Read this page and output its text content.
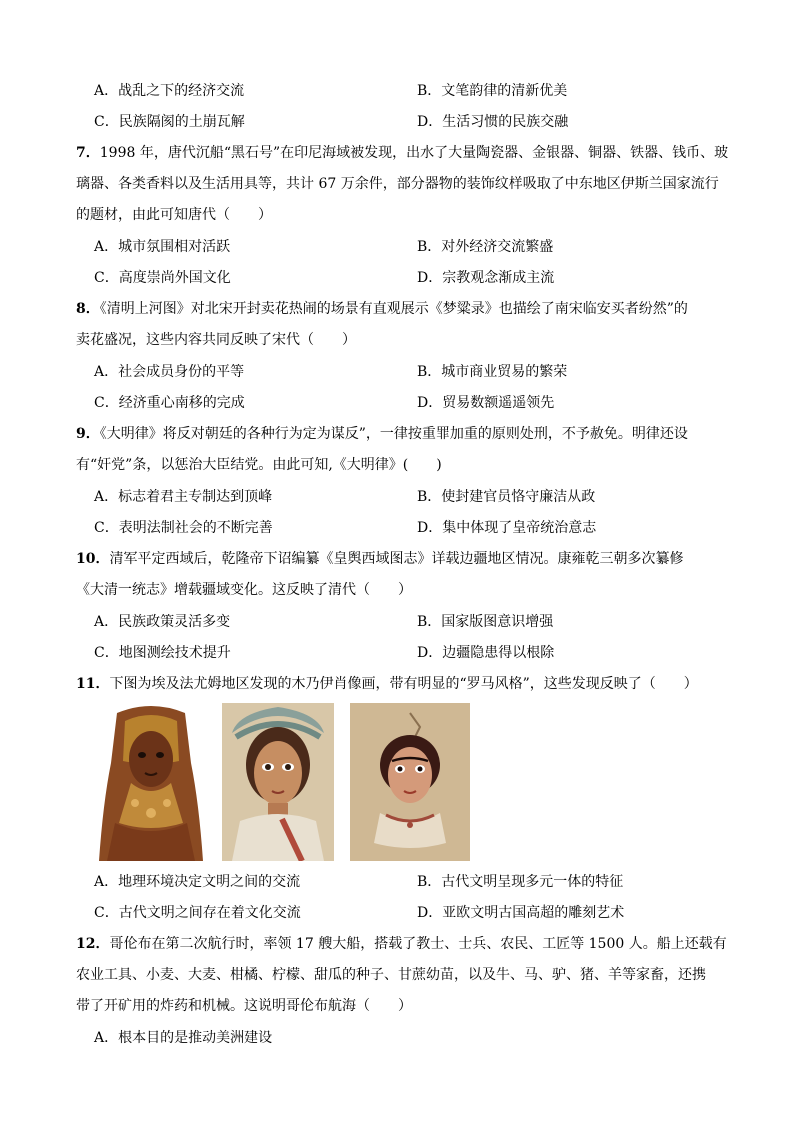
A．战乱之下的经济交流	B．文笔韵律的清新优美
C．民族隔阂的土崩瓦解	D．生活习惯的民族交融
7．1998 年，唐代沉船“黑石号”在印尼海域被发现，出水了大量陶瓷器、金银器、铜器、铁器、钱币、玻
璃器、各类香料以及生活用具等，共计 67 万余件，部分器物的装饰纹样吸取了中东地区伊斯兰国家流行
的题材，由此可知唐代（　　）
A．城市氛围相对活跃	B．对外经济交流繁盛
C．高度崇尚外国文化	D．宗教观念渐成主流
8．《清明上河图》对北宋开封卖花热闹的场景有直观展示《梦粱录》也描绘了南宋临安买者纷然”的
卖花盛况，这些内容共同反映了宋代（　　）
A．社会成员身份的平等	B．城市商业贸易的繁荣
C．经济重心南移的完成	D．贸易数额遥遥领先
9．《大明律》将反对朝廷的各种行为定为谋反”，一律按重罪加重的原则处刑，不予赦免。明律还设
有“奸党”条，以惩治大臣结党。由此可知,《大明律》(　　)
A．标志着君主专制达到顶峰	B．使封建官员恪守廉洁从政
C．表明法制社会的不断完善	D．集中体现了皇帝统治意志
10．清军平定西域后，乾隆帝下诏编纂《皇舆西域图志》详载边疆地区情况。康雍乾三朝多次纂修
《大清一统志》增载疆域变化。这反映了清代（　　）
A．民族政策灵活多变	B．国家版图意识增强
C．地图测绘技术提升	D．边疆隐患得以根除
11．下图为埃及法尤姆地区发现的木乃伊肖像画，带有明显的“罗马风格”，这些发现反映了（　　）
A．地理环境决定文明之间的交流	B．古代文明呈现多元一体的特征
C．古代文明之间存在着文化交流	D．亚欧文明古国高超的雕刻艺术
12．哥伦布在第二次航行时，率领 17 艘大船，搭载了教士、士兵、农民、工匠等 1500 人。船上还载有
农业工具、小麦、大麦、柑橘、柠檬、甜瓜的种子、甘蔗幼苗，以及牛、马、驴、猪、羊等家畜，还携
带了开矿用的炸药和机械。这说明哥伦布航海（　　）
A．根本目的是推动美洲建设
